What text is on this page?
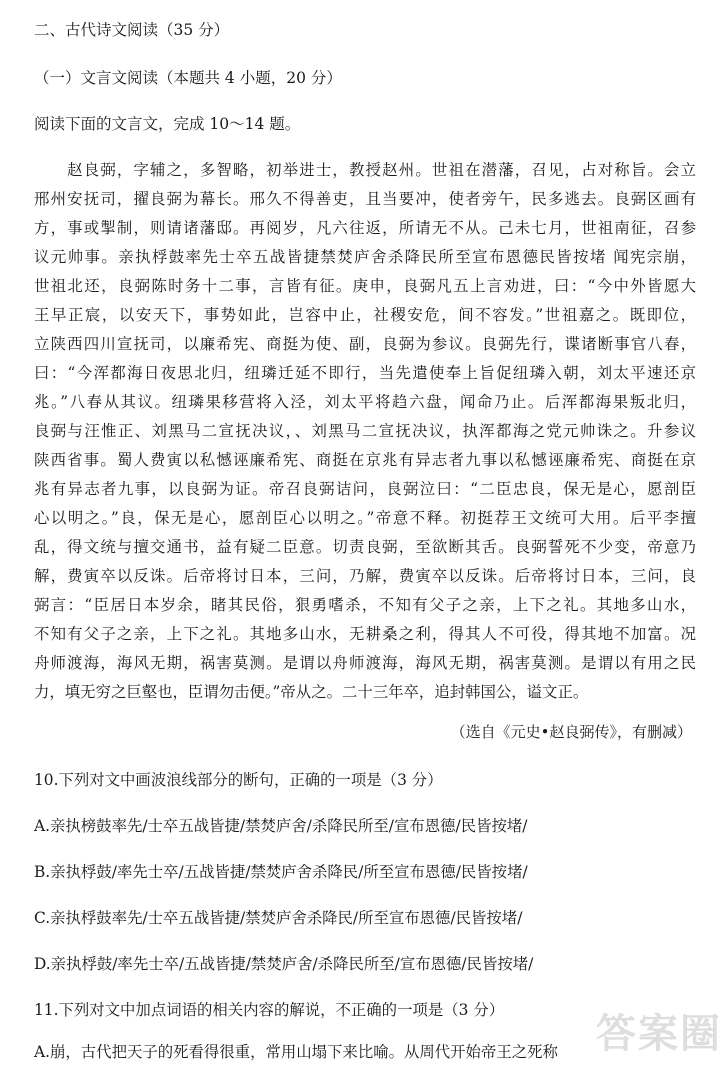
二、古代诗文阅读（35 分）
（一）文言文阅读（本题共 4 小题，20 分）
阅读下面的文言文，完成 10～14 题。
　　赵良弼，字辅之，多智略，初举进士，教授赵州。世祖在潜藩，召见，占对称旨。会立
邢州安抚司，擢良弼为幕长。邢久不得善吏，且当要冲，使者旁午，民多逃去。良弼区画有
方，事或掣制，则请诸藩邸。再阅岁，凡六往返，所请无不从。己未七月，世祖南征，召参
议元帅事。亲执桴鼓率先士卒五战皆捷禁焚庐舍杀降民所至宣布恩德民皆按堵 闻宪宗崩，
世祖北还，良弼陈时务十二事，言皆有征。庚申，良弼凡五上言劝进，曰：“今中外皆愿大
王早正宸，以安天下，事势如此，岂容中止，社稷安危，间不容发。”世祖嘉之。既即位，
立陕西四川宣抚司，以廉希宪、商挺为使、副，良弼为参议。良弼先行，谍诸断事官八春，
曰：“今浑都海日夜思北归，纽璘迁延不即行，当先遣使奉上旨促纽璘入朝，刘太平速还京
兆。”八春从其议。纽璘果移营将入泾，刘太平将趋六盘，闻命乃止。后浑都海果叛北归，
良弼与汪惟正、刘黑马二宣抚决议，、刘黑马二宣抚决议，执浑都海之党元帅诛之。升参议
陕西省事。蜀人费寅以私憾诬廉希宪、商挺在京兆有异志者九事以私憾诬廉希宪、商挺在京
兆有异志者九事，以良弼为证。帝召良弼诘问，良弼泣曰：“二臣忠良，保无是心，愿剖臣
心以明之。”良，保无是心，愿剖臣心以明之。”帝意不释。初挺荐王文统可大用。后平李擅
乱，得文统与擅交通书，益有疑二臣意。切责良弼，至欲断其舌。良弼誓死不少变，帝意乃
解，费寅卒以反诛。后帝将讨日本，三问，乃解，费寅卒以反诛。后帝将讨日本，三问，良
弼言：“臣居日本岁余，睹其民俗，狠勇嗜杀，不知有父子之亲，上下之礼。其地多山水，
不知有父子之亲，上下之礼。其地多山水，无耕桑之利，得其人不可役，得其地不加富。况
舟师渡海，海风无期，祸害莫测。是谓以舟师渡海，海风无期，祸害莫测。是谓以有用之民
力，填无穷之巨壑也，臣谓勿击便。”帝从之。二十三年卒，追封韩国公，谥文正。
（选自《元史•赵良弼传》，有删减）
10.下列对文中画波浪线部分的断句，正确的一项是（3 分）
A.亲执榜鼓率先/士卒五战皆捷/禁焚庐舍/杀降民所至/宣布恩德/民皆按堵/
B.亲执桴鼓/率先士卒/五战皆捷/禁焚庐舍杀降民/所至宣布恩德/民皆按堵/
C.亲执桴鼓率先/士卒五战皆捷/禁焚庐舍杀降民/所至宣布恩德/民皆按堵/
D.亲执桴鼓/率先士卒/五战皆捷/禁焚庐舍/杀降民所至/宣布恩德/民皆按堵/
11.下列对文中加点词语的相关内容的解说，不正确的一项是（3 分）
A.崩，古代把天子的死看得很重，常用山塌下来比喻。从周代开始帝王之死称 答案圈
